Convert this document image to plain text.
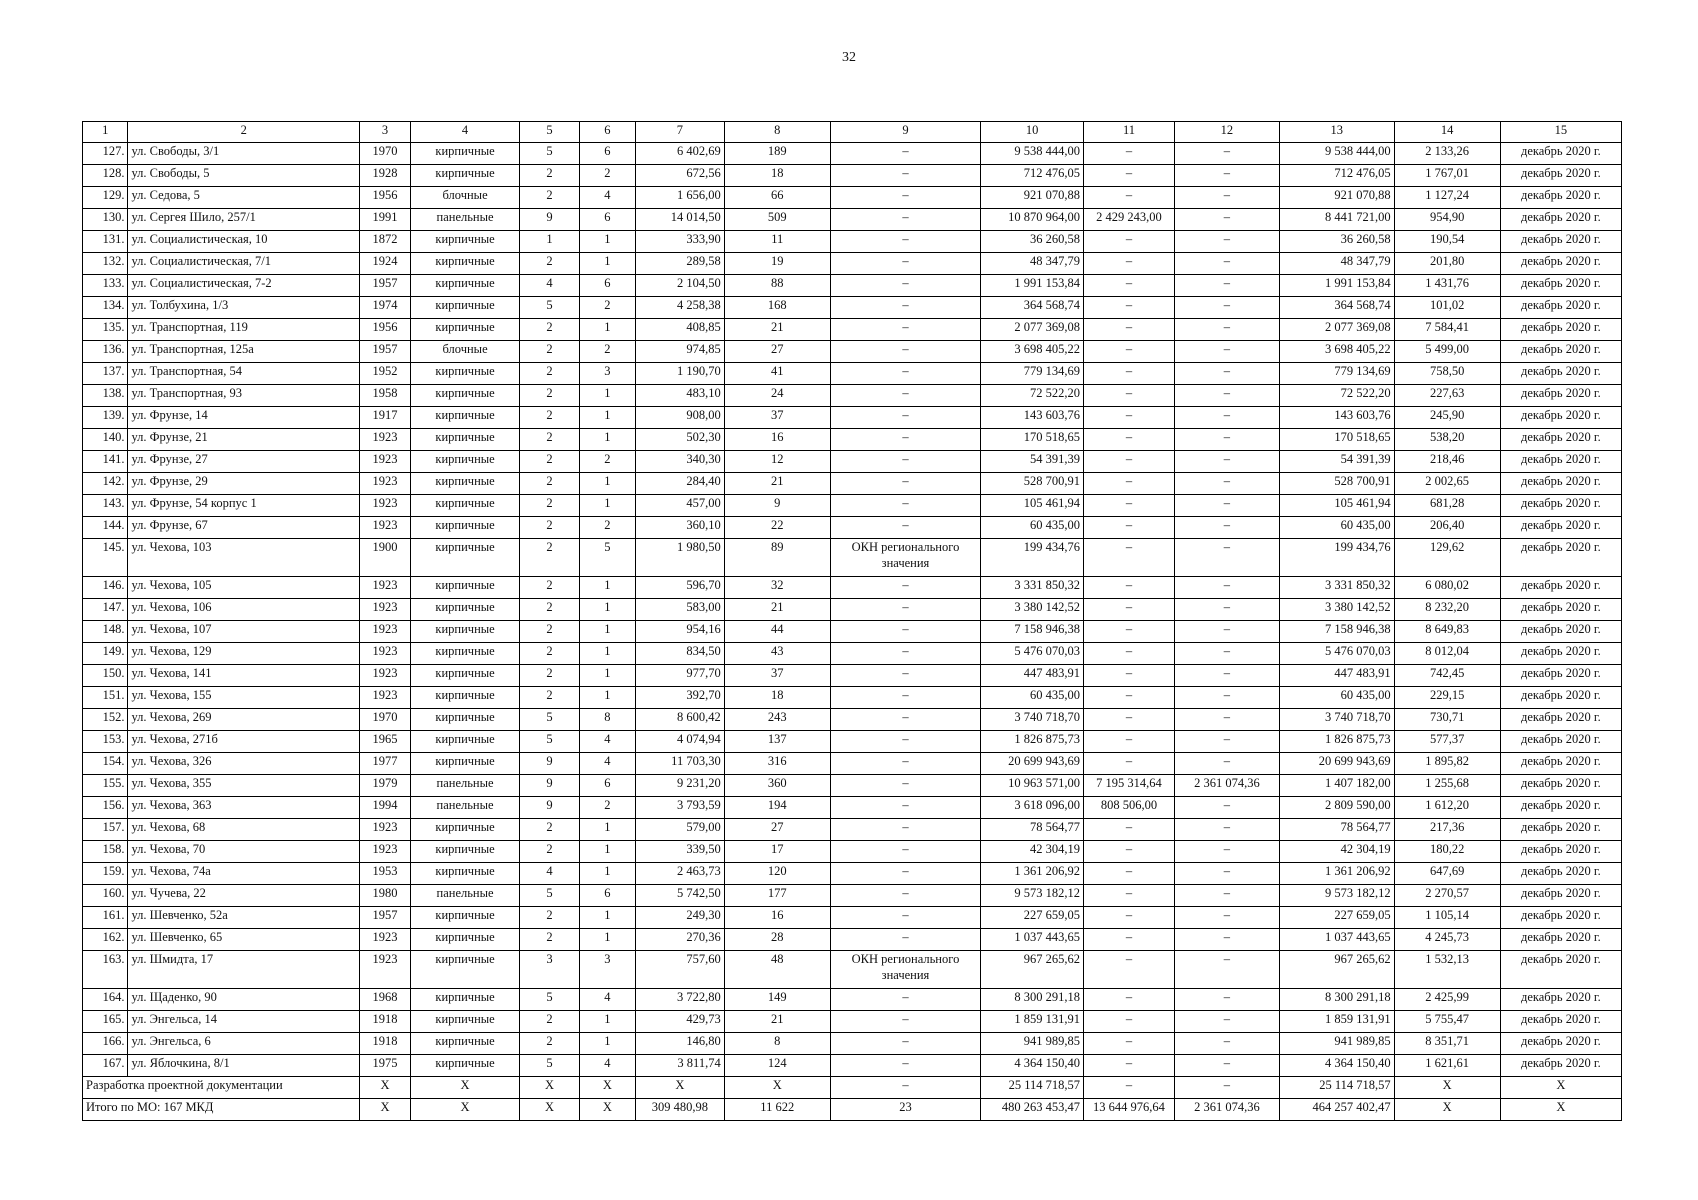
32
1	2	3	4	5	6	7	8	9	10	11	12	13	14	15
127.	ул. Свободы, 3/1	1970	кирпичные	5	6	6 402,69	189	–	9 538 444,00	–	–	9 538 444,00	2 133,26	декабрь 2020 г.
128.	ул. Свободы, 5	1928	кирпичные	2	2	672,56	18	–	712 476,05	–	–	712 476,05	1 767,01	декабрь 2020 г.
129.	ул. Седова, 5	1956	блочные	2	4	1 656,00	66	–	921 070,88	–	–	921 070,88	1 127,24	декабрь 2020 г.
130.	ул. Сергея Шило, 257/1	1991	панельные	9	6	14 014,50	509	–	10 870 964,00	2 429 243,00	–	8 441 721,00	954,90	декабрь 2020 г.
131.	ул. Социалистическая, 10	1872	кирпичные	1	1	333,90	11	–	36 260,58	–	–	36 260,58	190,54	декабрь 2020 г.
132.	ул. Социалистическая, 7/1	1924	кирпичные	2	1	289,58	19	–	48 347,79	–	–	48 347,79	201,80	декабрь 2020 г.
133.	ул. Социалистическая, 7-2	1957	кирпичные	4	6	2 104,50	88	–	1 991 153,84	–	–	1 991 153,84	1 431,76	декабрь 2020 г.
134.	ул. Толбухина, 1/3	1974	кирпичные	5	2	4 258,38	168	–	364 568,74	–	–	364 568,74	101,02	декабрь 2020 г.
135.	ул. Транспортная, 119	1956	кирпичные	2	1	408,85	21	–	2 077 369,08	–	–	2 077 369,08	7 584,41	декабрь 2020 г.
136.	ул. Транспортная, 125а	1957	блочные	2	2	974,85	27	–	3 698 405,22	–	–	3 698 405,22	5 499,00	декабрь 2020 г.
137.	ул. Транспортная, 54	1952	кирпичные	2	3	1 190,70	41	–	779 134,69	–	–	779 134,69	758,50	декабрь 2020 г.
138.	ул. Транспортная, 93	1958	кирпичные	2	1	483,10	24	–	72 522,20	–	–	72 522,20	227,63	декабрь 2020 г.
139.	ул. Фрунзе, 14	1917	кирпичные	2	1	908,00	37	–	143 603,76	–	–	143 603,76	245,90	декабрь 2020 г.
140.	ул. Фрунзе, 21	1923	кирпичные	2	1	502,30	16	–	170 518,65	–	–	170 518,65	538,20	декабрь 2020 г.
141.	ул. Фрунзе, 27	1923	кирпичные	2	2	340,30	12	–	54 391,39	–	–	54 391,39	218,46	декабрь 2020 г.
142.	ул. Фрунзе, 29	1923	кирпичные	2	1	284,40	21	–	528 700,91	–	–	528 700,91	2 002,65	декабрь 2020 г.
143.	ул. Фрунзе, 54 корпус 1	1923	кирпичные	2	1	457,00	9	–	105 461,94	–	–	105 461,94	681,28	декабрь 2020 г.
144.	ул. Фрунзе, 67	1923	кирпичные	2	2	360,10	22	–	60 435,00	–	–	60 435,00	206,40	декабрь 2020 г.
145.	ул. Чехова, 103	1900	кирпичные	2	5	1 980,50	89	ОКН регионального значения	199 434,76	–	–	199 434,76	129,62	декабрь 2020 г.
146.	ул. Чехова, 105	1923	кирпичные	2	1	596,70	32	–	3 331 850,32	–	–	3 331 850,32	6 080,02	декабрь 2020 г.
147.	ул. Чехова, 106	1923	кирпичные	2	1	583,00	21	–	3 380 142,52	–	–	3 380 142,52	8 232,20	декабрь 2020 г.
148.	ул. Чехова, 107	1923	кирпичные	2	1	954,16	44	–	7 158 946,38	–	–	7 158 946,38	8 649,83	декабрь 2020 г.
149.	ул. Чехова, 129	1923	кирпичные	2	1	834,50	43	–	5 476 070,03	–	–	5 476 070,03	8 012,04	декабрь 2020 г.
150.	ул. Чехова, 141	1923	кирпичные	2	1	977,70	37	–	447 483,91	–	–	447 483,91	742,45	декабрь 2020 г.
151.	ул. Чехова, 155	1923	кирпичные	2	1	392,70	18	–	60 435,00	–	–	60 435,00	229,15	декабрь 2020 г.
152.	ул. Чехова, 269	1970	кирпичные	5	8	8 600,42	243	–	3 740 718,70	–	–	3 740 718,70	730,71	декабрь 2020 г.
153.	ул. Чехова, 271б	1965	кирпичные	5	4	4 074,94	137	–	1 826 875,73	–	–	1 826 875,73	577,37	декабрь 2020 г.
154.	ул. Чехова, 326	1977	кирпичные	9	4	11 703,30	316	–	20 699 943,69	–	–	20 699 943,69	1 895,82	декабрь 2020 г.
155.	ул. Чехова, 355	1979	панельные	9	6	9 231,20	360	–	10 963 571,00	7 195 314,64	2 361 074,36	1 407 182,00	1 255,68	декабрь 2020 г.
156.	ул. Чехова, 363	1994	панельные	9	2	3 793,59	194	–	3 618 096,00	808 506,00	–	2 809 590,00	1 612,20	декабрь 2020 г.
157.	ул. Чехова, 68	1923	кирпичные	2	1	579,00	27	–	78 564,77	–	–	78 564,77	217,36	декабрь 2020 г.
158.	ул. Чехова, 70	1923	кирпичные	2	1	339,50	17	–	42 304,19	–	–	42 304,19	180,22	декабрь 2020 г.
159.	ул. Чехова, 74а	1953	кирпичные	4	1	2 463,73	120	–	1 361 206,92	–	–	1 361 206,92	647,69	декабрь 2020 г.
160.	ул. Чучева, 22	1980	панельные	5	6	5 742,50	177	–	9 573 182,12	–	–	9 573 182,12	2 270,57	декабрь 2020 г.
161.	ул. Шевченко, 52а	1957	кирпичные	2	1	249,30	16	–	227 659,05	–	–	227 659,05	1 105,14	декабрь 2020 г.
162.	ул. Шевченко, 65	1923	кирпичные	2	1	270,36	28	–	1 037 443,65	–	–	1 037 443,65	4 245,73	декабрь 2020 г.
163.	ул. Шмидта, 17	1923	кирпичные	3	3	757,60	48	ОКН регионального значения	967 265,62	–	–	967 265,62	1 532,13	декабрь 2020 г.
164.	ул. Щаденко, 90	1968	кирпичные	5	4	3 722,80	149	–	8 300 291,18	–	–	8 300 291,18	2 425,99	декабрь 2020 г.
165.	ул. Энгельса, 14	1918	кирпичные	2	1	429,73	21	–	1 859 131,91	–	–	1 859 131,91	5 755,47	декабрь 2020 г.
166.	ул. Энгельса, 6	1918	кирпичные	2	1	146,80	8	–	941 989,85	–	–	941 989,85	8 351,71	декабрь 2020 г.
167.	ул. Яблочкина, 8/1	1975	кирпичные	5	4	3 811,74	124	–	4 364 150,40	–	–	4 364 150,40	1 621,61	декабрь 2020 г.
Разработка проектной документации		X	X	X	X	X	X	–	25 114 718,57	–	–	25 114 718,57	X	X
Итого по МО: 167 МКД		X	X	X	X	309 480,98	11 622	23	480 263 453,47	13 644 976,64	2 361 074,36	464 257 402,47	X	X
